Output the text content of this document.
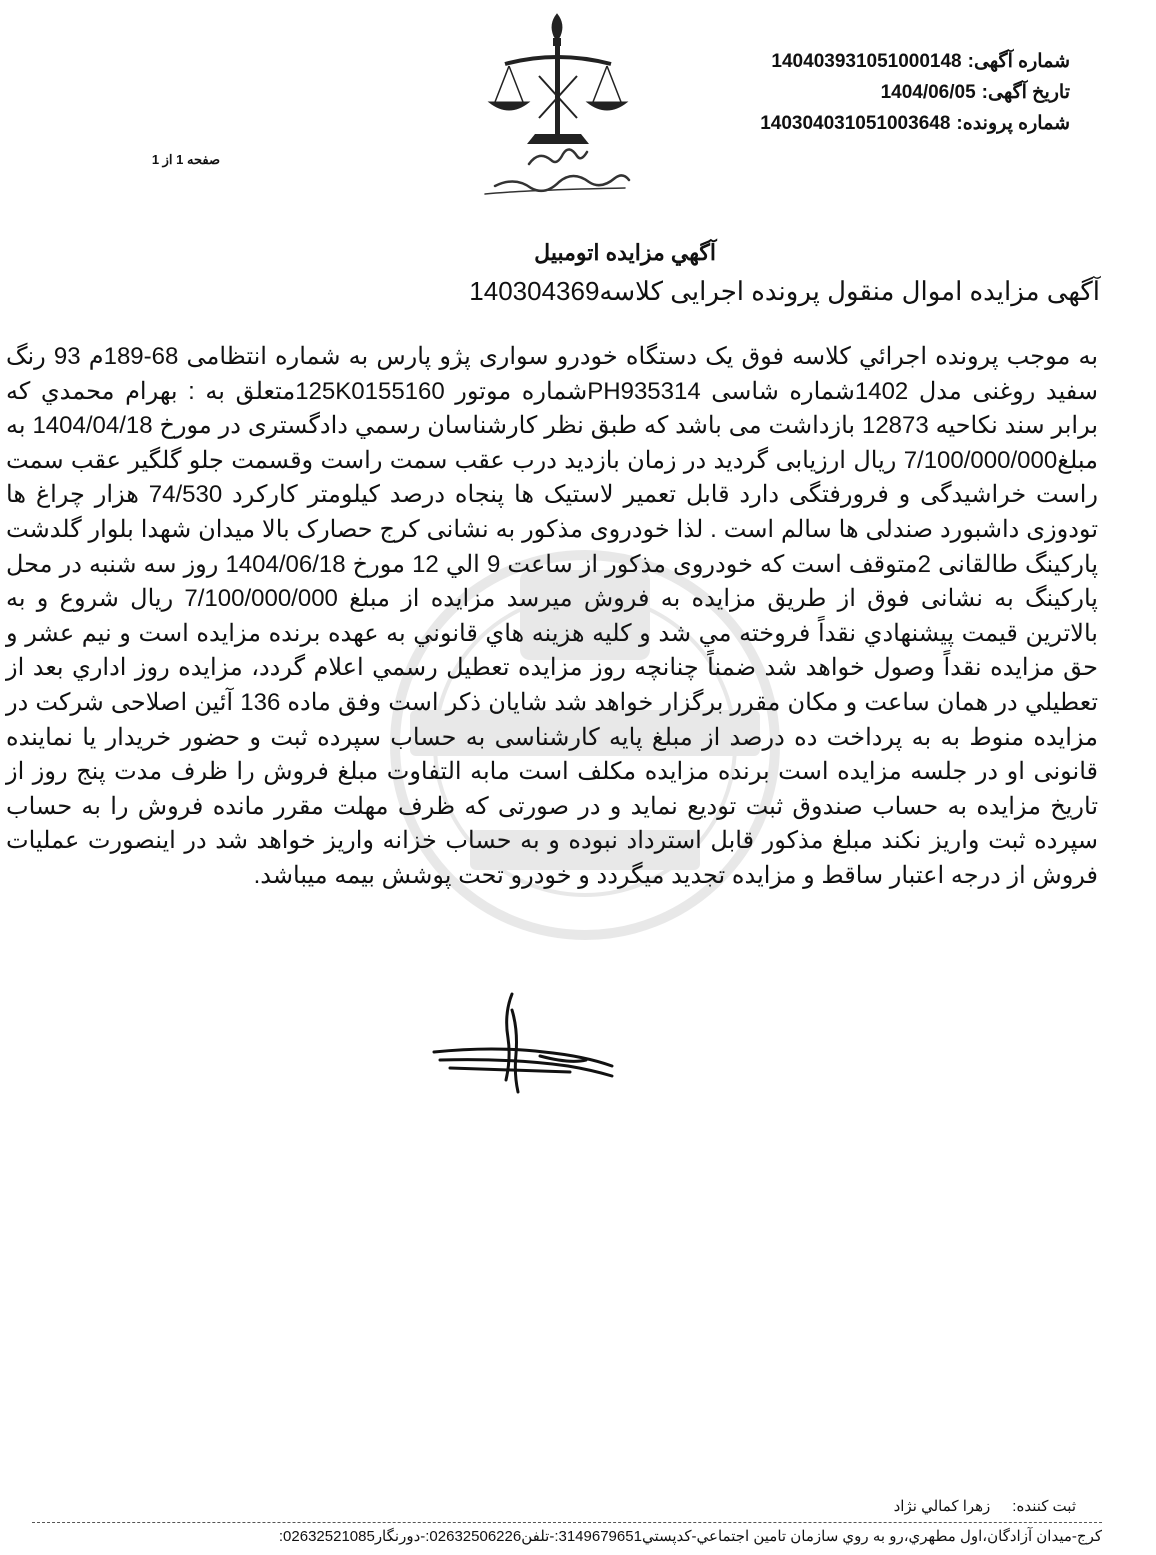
شماره آگهی:140403931051000148
تاریخ آگهی:1404/06/05
شماره پرونده:140304031051003648
صفحه 1 از 1
آگهي مزايده اتومبيل
آگهی مزایده اموال منقول پرونده اجرایی کلاسه140304369
به موجب پرونده اجرائي كلاسه فوق یک دستگاه خودرو سواری پژو پارس به شماره انتظامی 68-189م 93 رنگ سفید روغنی مدل 1402شماره شاسی PH935314شماره موتور 125K0155160متعلق به : بهرام محمدي که برابر سند نکاحیه 12873 بازداشت می باشد که طبق نظر کارشناسان رسمي دادگستری در مورخ 1404/04/18 به مبلغ7/100/000/000 ریال ارزیابی گردید در زمان بازدید درب عقب سمت راست وقسمت جلو گلگیر عقب سمت راست خراشیدگی و فرورفتگی دارد قابل تعمیر لاستیک ها پنجاه درصد کیلومتر کارکرد 74/530 هزار چراغ ها تودوزی داشبورد صندلی ها سالم است . لذا خودروی مذکور به نشانی کرج حصارک بالا میدان شهدا بلوار گلدشت پارکینگ طالقانی 2متوقف است که خودروی مذکور از ساعت 9 الي 12 مورخ 1404/06/18 روز سه شنبه در محل پارکینگ به نشانی فوق از طریق مزایده به فروش میرسد مزايده از مبلغ 7/100/000/000 ریال شروع و به بالاترين قيمت پيشنهادي نقداً فروخته مي شد و كليه هزينه هاي قانوني به عهده برنده مزايده است و نيم عشر و حق مزايده نقداً وصول خواهد شد ضمناً چنانچه روز مزايده تعطيل رسمي اعلام گردد، مزايده روز اداري بعد از تعطيلي در همان ساعت و مكان مقرر برگزار خواهد شد شایان ذکر است وفق ماده 136 آئین اصلاحی شرکت در مزایده منوط به به پرداخت ده درصد از مبلغ پایه کارشناسی به حساب سپرده ثبت و حضور خریدار یا نماینده قانونی او در جلسه مزایده است برنده مزایده مکلف است مابه التفاوت مبلغ فروش را ظرف مدت پنج روز از تاریخ مزایده به حساب صندوق ثبت تودیع نماید و در صورتی که ظرف مهلت مقرر مانده فروش را به حساب سپرده ثبت واریز نکند مبلغ مذکور قابل استرداد نبوده و به حساب خزانه واریز خواهد شد در اینصورت عملیات فروش از درجه اعتبار ساقط و مزایده تجدید میگردد و خودرو تحت پوشش بیمه میباشد.
ثبت كننده:زهرا كمالي نژاد
کرج-میدان آزادگان،اول مطهري،رو به روي سازمان تامين اجتماعي-كدپستي3149679651:-تلفن02632506226:-دورنگار02632521085:
